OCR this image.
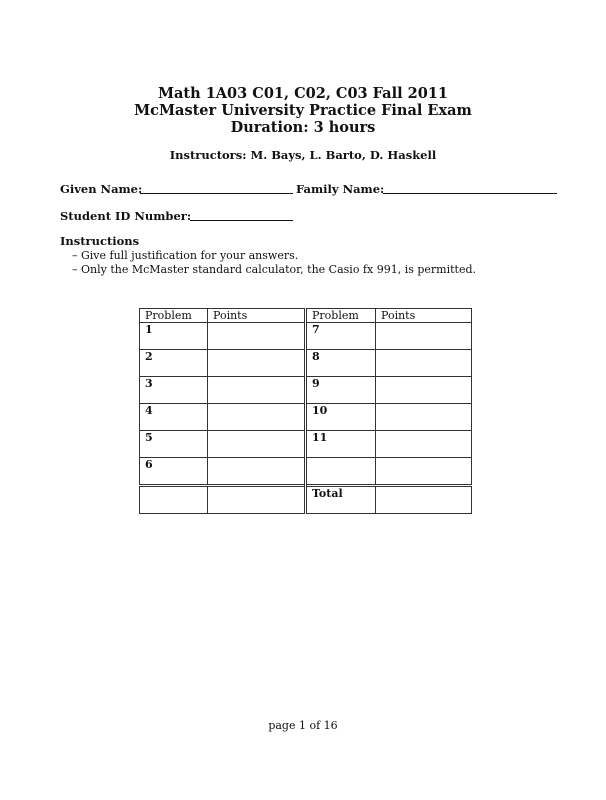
Math 1A03 C01, C02, C03 Fall 2011
McMaster University Practice Final Exam
Duration: 3 hours
Instructors: M. Bays, L. Barto, D. Haskell
Given Name:	Family Name:
Student ID Number:
Instructions
– Give full justification for your answers.
– Only the McMaster standard calculator, the Casio fx 991, is permitted.
Problem	Points	Problem	Points
1		7	
2		8	
3		9	
4		10	
5		11	
6			
		Total	
page 1 of 16
